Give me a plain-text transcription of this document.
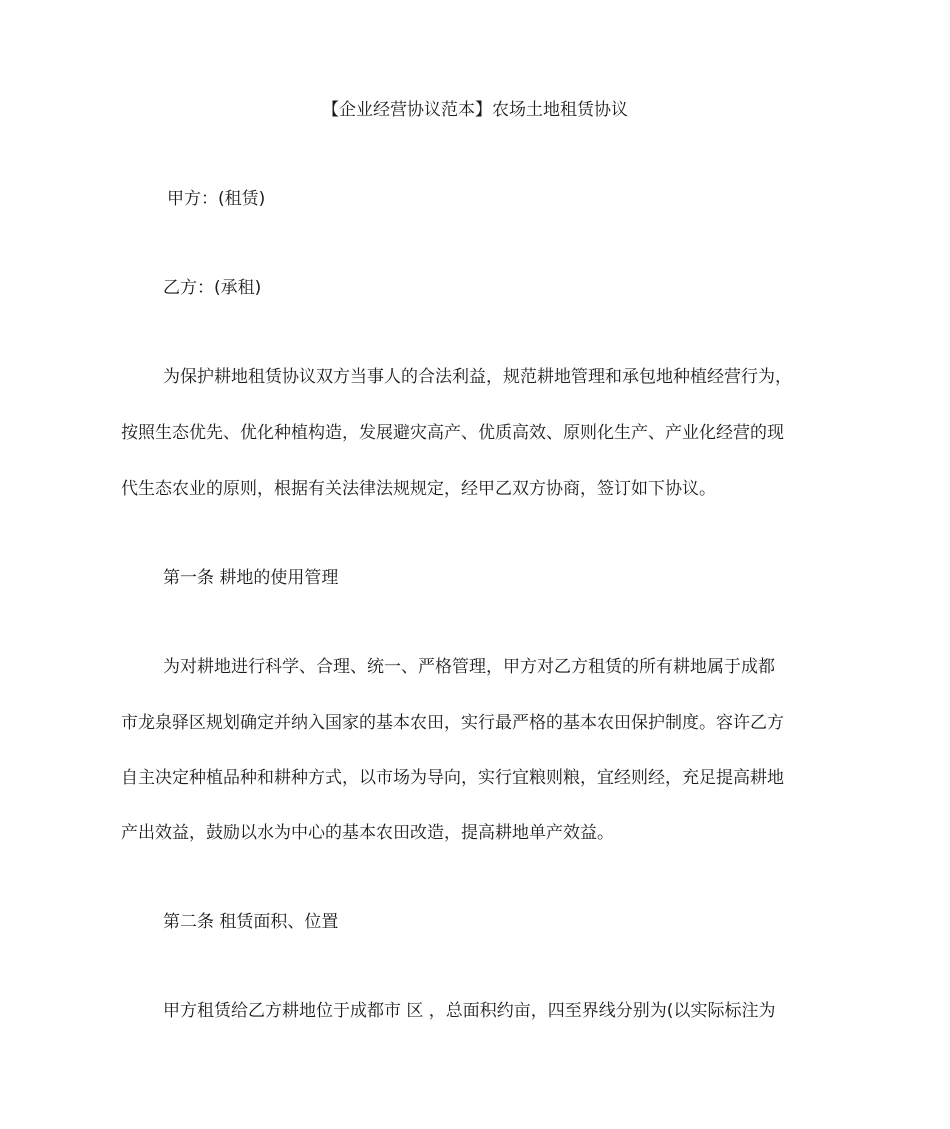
【企业经营协议范本】农场土地租赁协议
甲方：(租赁)
乙方：(承租)
为保护耕地租赁协议双方当事人的合法利益，规范耕地管理和承包地种植经营行为，
按照生态优先、优化种植构造，发展避灾高产、优质高效、原则化生产、产业化经营的现
代生态农业的原则，根据有关法律法规规定，经甲乙双方协商，签订如下协议。
第一条 耕地的使用管理
为对耕地进行科学、合理、统一、严格管理，甲方对乙方租赁的所有耕地属于成都
市龙泉驿区规划确定并纳入国家的基本农田，实行最严格的基本农田保护制度。容许乙方
自主决定种植品种和耕种方式，以市场为导向，实行宜粮则粮，宜经则经，充足提高耕地
产出效益，鼓励以水为中心的基本农田改造，提高耕地单产效益。
第二条 租赁面积、位置
甲方租赁给乙方耕地位于成都市 区 ，总面积约亩，四至界线分别为(以实际标注为
